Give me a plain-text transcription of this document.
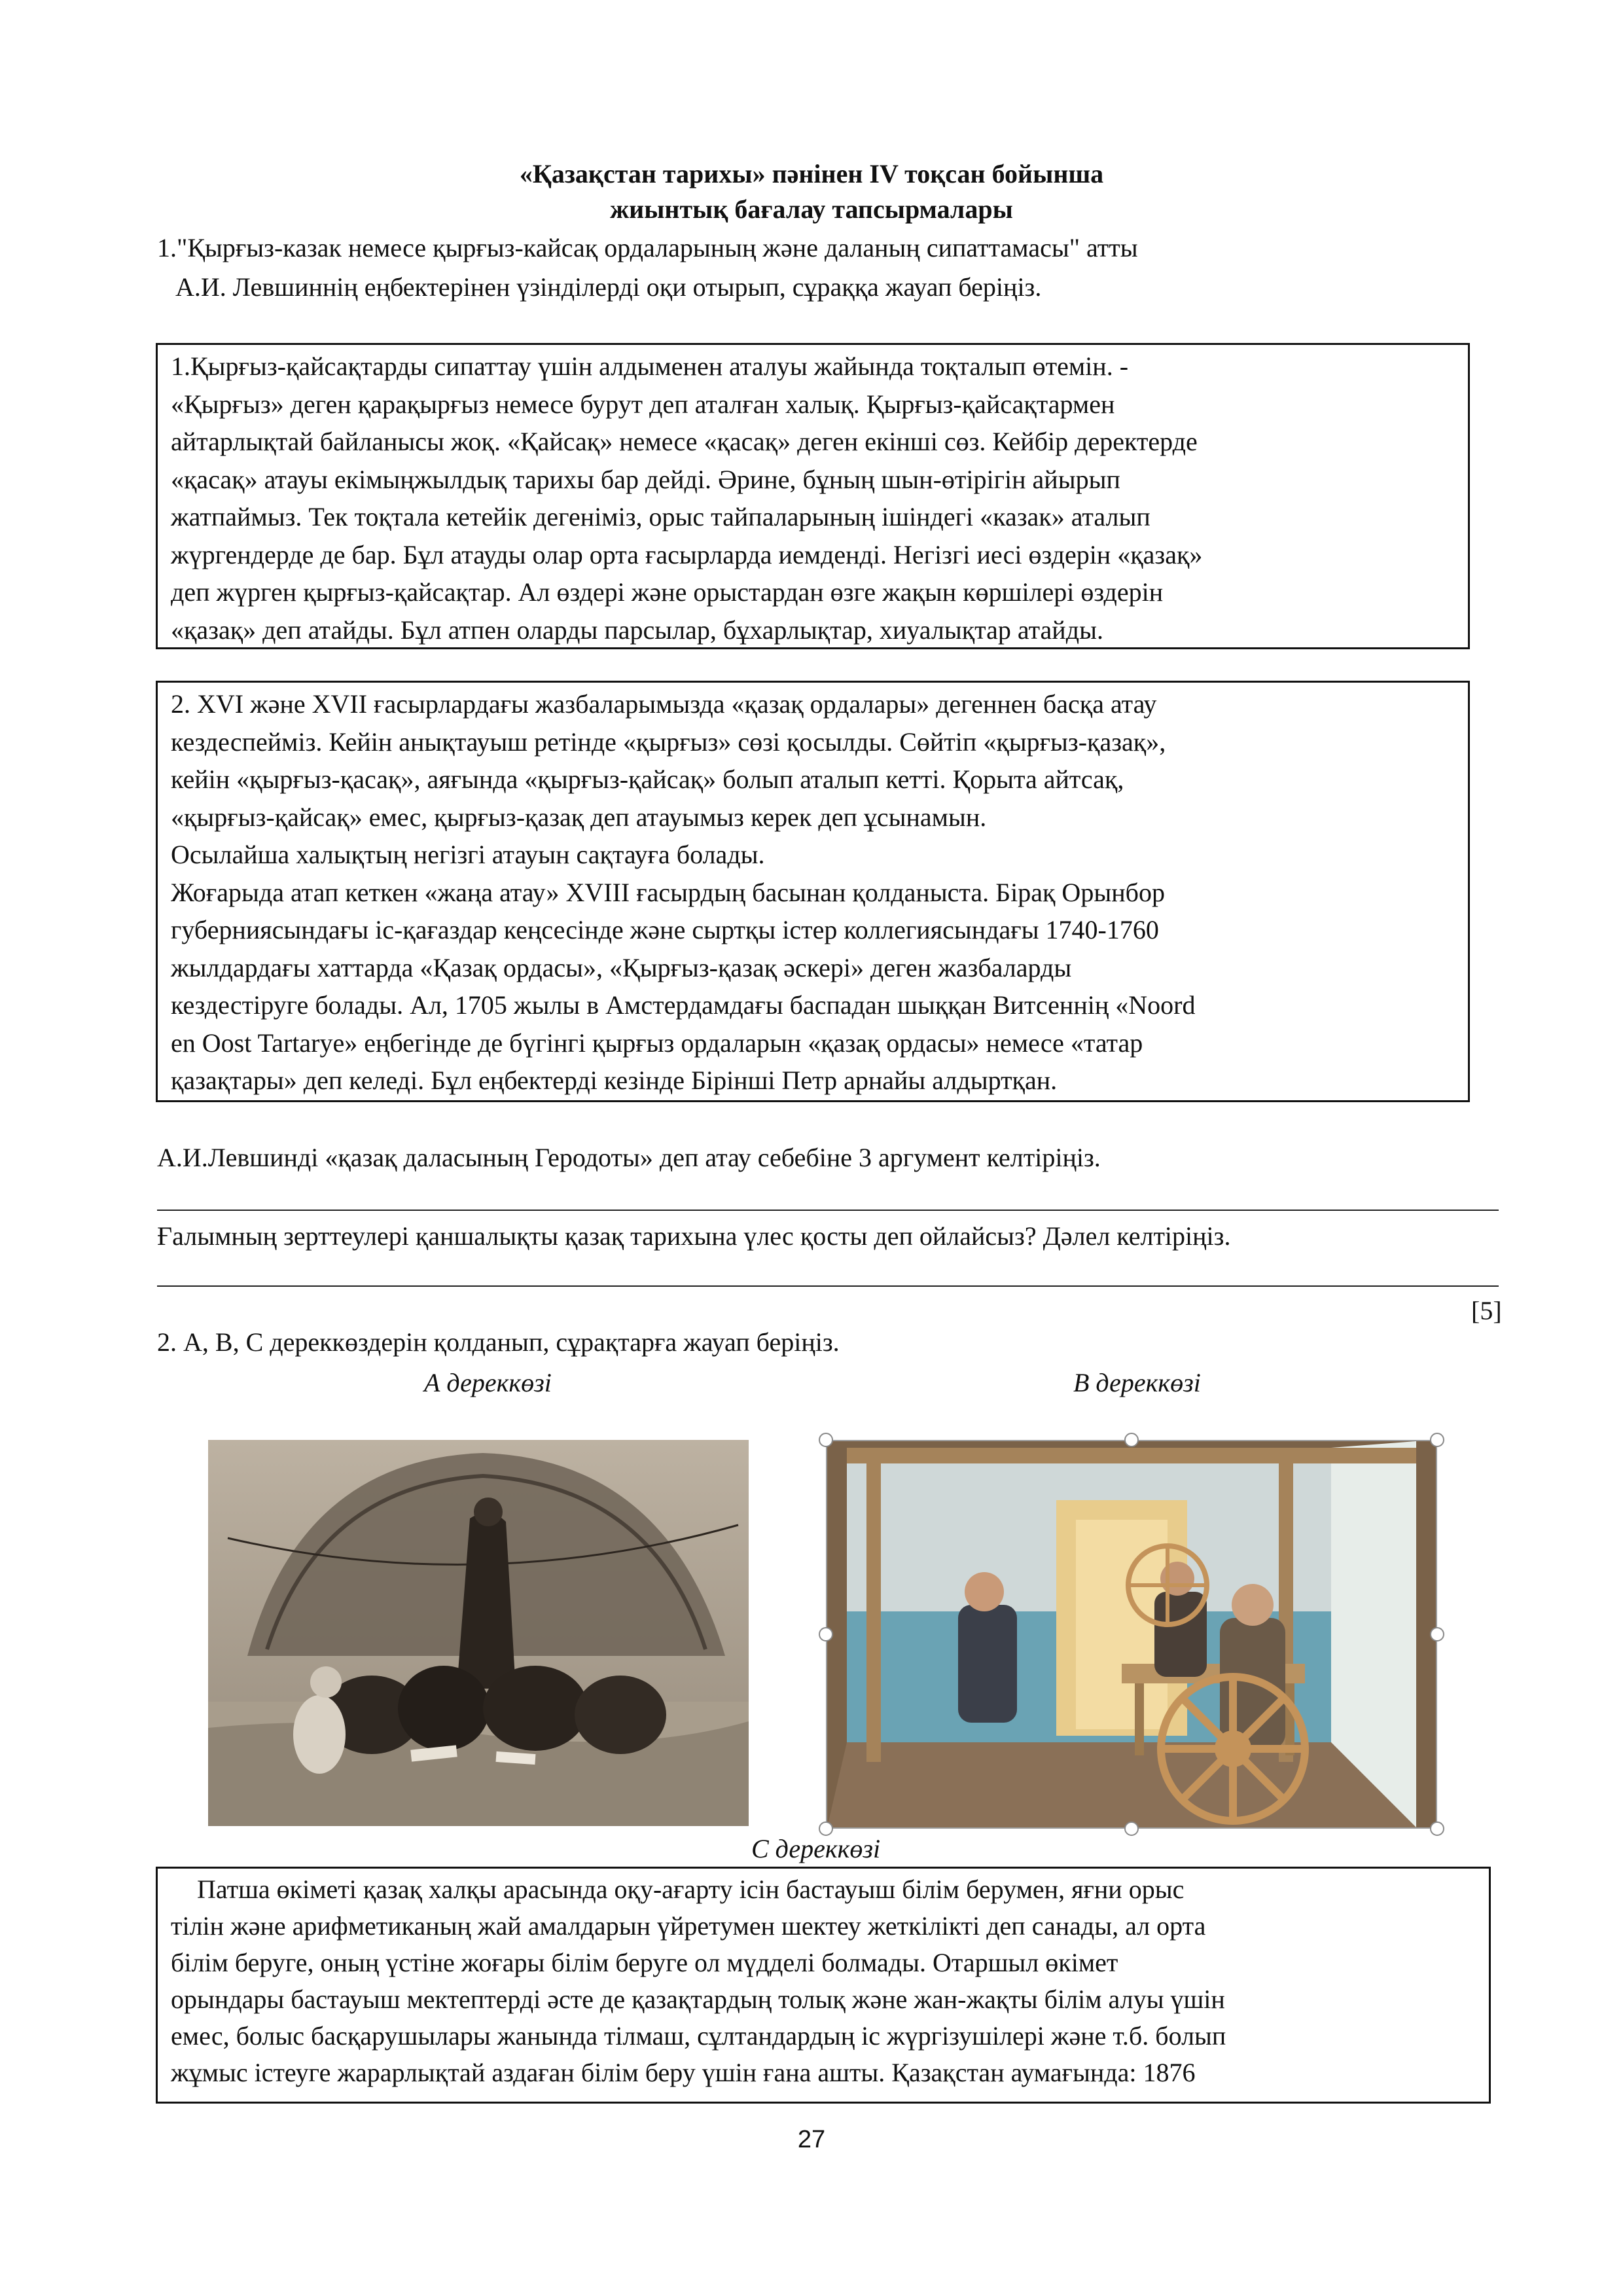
«Қазақстан тарихы» пәнінен IV тоқсан бойынша
жиынтық бағалау тапсырмалары
1."Қырғыз-казак немесе қырғыз-кайсақ ордаларының және даланың сипаттамасы" атты
А.И. Левшиннің еңбектерінен үзінділерді оқи отырып, сұраққа жауап беріңіз.

1.Қырғыз-қайсақтарды сипаттау үшін алдыменен аталуы жайында тоқталып өтемін. -

«Қырғыз» деген қарақырғыз немесе бурут деп аталған халық. Қырғыз-қайсақтармен

айтарлықтай байланысы жоқ. «Қайсақ» немесе «қасақ» деген екінші сөз. Кейбір деректерде

«қасақ» атауы екімыңжылдық тарихы бар дейді. Әрине, бұның шын-өтірігін айырып

жатпаймыз. Тек тоқтала кетейік дегеніміз, орыс тайпаларының ішіндегі «казак» аталып

жүргендерде де бар. Бұл атауды олар орта ғасырларда иемденді. Негізгі иесі өздерін «қазақ»

деп жүрген қырғыз-қайсақтар. Ал өздері және орыстардан өзге жақын көршілері өздерін

«қазақ» деп атайды. Бұл атпен оларды парсылар, бұхарлықтар, хиуалықтар атайды.

2. XVI және XVII ғасырлардағы жазбаларымызда «қазақ ордалары» дегеннен басқа атау

кездеспейміз. Кейін анықтауыш ретінде «қырғыз» сөзі қосылды. Сөйтіп «қырғыз-қазақ»,

кейін «қырғыз-қасақ», аяғында «қырғыз-қайсақ» болып аталып кетті. Қорыта айтсақ,

«қырғыз-қайсақ» емес, қырғыз-қазақ деп атауымыз керек деп ұсынамын.

Осылайша халықтың негізгі атауын сақтауға болады.

Жоғарыда атап кеткен «жаңа атау» XVIII ғасырдың басынан қолданыста. Бірақ Орынбор

губерниясындағы іс-қағаздар кеңсесінде және сыртқы істер коллегиясындағы 1740-1760

жылдардағы хаттарда «Қазақ ордасы», «Қырғыз-қазақ әскері» деген жазбаларды

кездестіруге болады. Ал, 1705 жылы в Амстердамдағы баспадан шыққан Витсеннің «Noord

en Oost Tartarye» еңбегінде де бүгінгі қырғыз ордаларын «қазақ ордасы» немесе «татар

қазақтары» деп келеді. Бұл еңбектерді кезінде Бірінші Петр арнайы алдыртқан.

А.И.Левшинді «қазақ даласының Геродоты» деп атау себебіне 3 аргумент келтіріңіз.
Ғалымның зерттеулері қаншалықты қазақ тарихына үлес қосты деп ойлайсыз? Дәлел келтіріңіз.
[5]
2. А, В, С дереккөздерін қолданып, сұрақтарға жауап беріңіз.
А дереккөзі	В дереккөзі
С дереккөзі

Патша өкіметі қазақ халқы арасында оқу-ағарту ісін бастауыш білім берумен, яғни орыс

тілін және арифметиканың жай амалдарын үйретумен шектеу жеткілікті деп санады, ал орта

білім беруге, оның үстіне жоғары білім беруге ол мүдделі болмады. Отаршыл өкімет

орындары бастауыш мектептерді әсте де қазақтардың толық және жан-жақты білім алуы үшін

емес, болыс басқарушылары жанында тілмаш, сұлтандардың іс жүргізушілері және т.б. болып

жұмыс істеуге жарарлықтай аздаған білім беру үшін ғана ашты. Қазақстан аумағында: 1876

27
